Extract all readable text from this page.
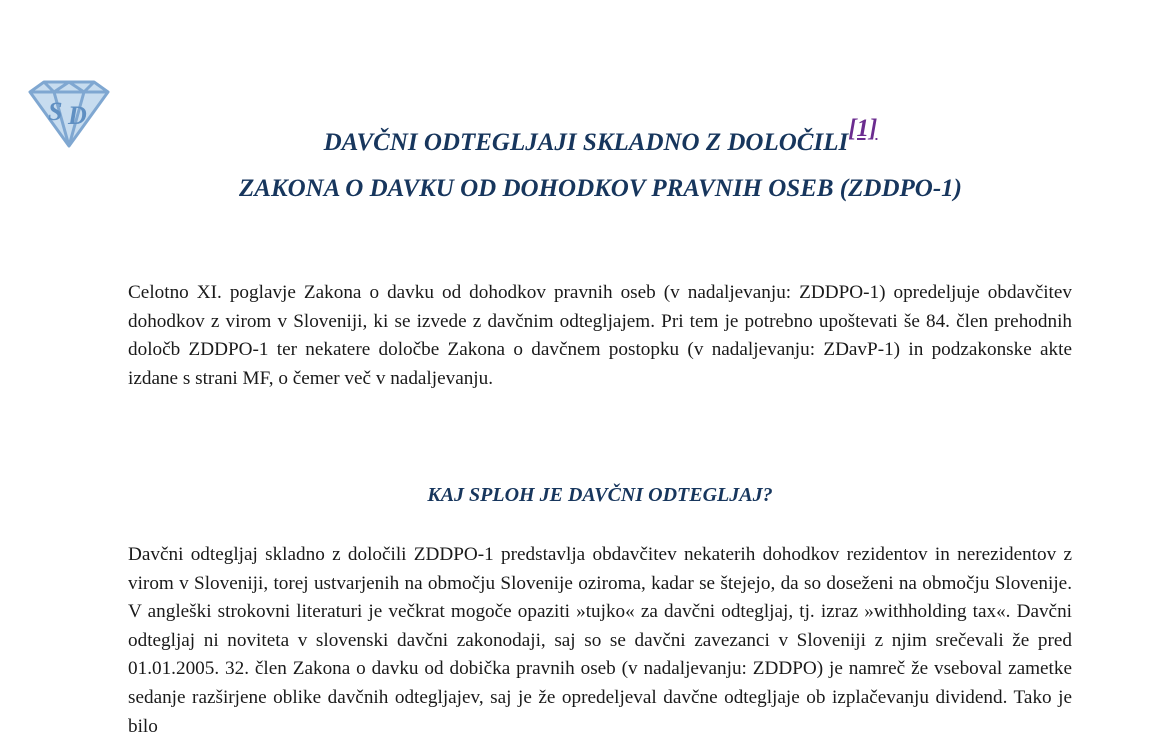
S D
DAVČNI ODTEGLJAJI SKLADNO Z DOLOČILI[1]
ZAKONA O DAVKU OD DOHODKOV PRAVNIH OSEB (ZDDPO-1)

Celotno XI. poglavje Zakona o davku od dohodkov pravnih oseb (v nadaljevanju: ZDDPO-1) opredeljuje obdavčitev dohodkov z virom v Sloveniji, ki se izvede z davčnim odtegljajem. Pri tem je potrebno upoštevati še 84. člen prehodnih določb ZDDPO-1 ter nekatere določbe Zakona o davčnem postopku (v nadaljevanju: ZDavP-1) in podzakonske akte izdane s strani MF, o čemer več v nadaljevanju.

KAJ SPLOH JE DAVČNI ODTEGLJAJ?

Davčni odtegljaj skladno z določili ZDDPO-1 predstavlja obdavčitev nekaterih dohodkov rezidentov in nerezidentov z virom v Sloveniji, torej ustvarjenih na območju Slovenije oziroma, kadar se štejejo, da so doseženi na območju Slovenije. V angleški strokovni literaturi je večkrat mogoče opaziti »tujko« za davčni odtegljaj, tj. izraz »withholding tax«. Davčni odtegljaj ni noviteta v slovenski davčni zakonodaji, saj so se davčni zavezanci v Sloveniji z njim srečevali že pred 01.01.2005. 32. člen Zakona o davku od dobička pravnih oseb (v nadaljevanju: ZDDPO) je namreč že vseboval zametke sedanje razširjene oblike davčnih odtegljajev, saj je že opredeljeval davčne odtegljaje ob izplačevanju dividend. Tako je bilo
